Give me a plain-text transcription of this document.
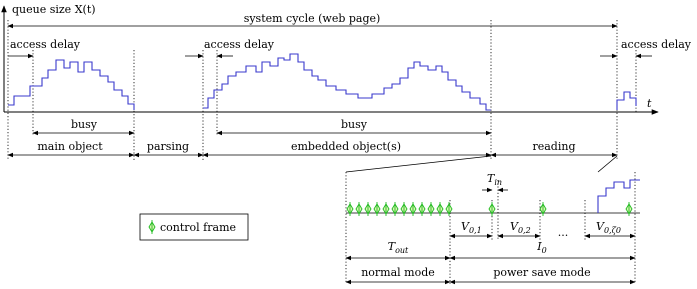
queue size X(t)
t
system cycle (web page)
access delay	access delay	access delay
busy	busy
main object	parsing	embedded object(s)	reading
$T_{in}$
$V_{0,1}$	$V_{0,2}$ ...	$V_{0,\zeta 0}$
$T_{out}$	$I_0$
normal mode	power save mode
control frame
